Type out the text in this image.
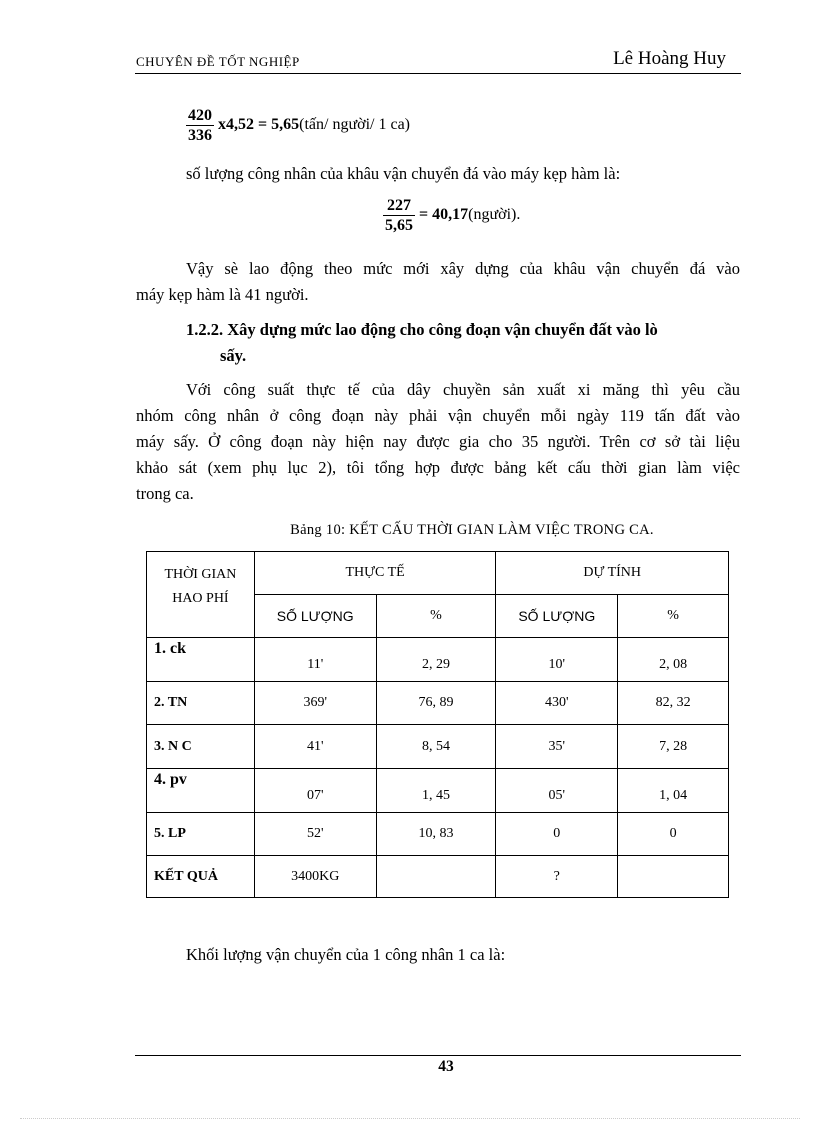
CHUYÊN ĐỀ TỐT NGHIỆP	Lê Hoàng Huy
$\frac{420}{336} x4,52$ = 5,65(tấn/ người/ 1 ca)
số lượng công nhân của khâu vận chuyển đá vào máy kẹp hàm là:
$\frac{227}{5,65}$ = 40,17(người).
Vậy sè lao động theo mức mới xây dựng của khâu vận chuyển đá vào
máy kẹp hàm là 41 người.
1.2.2. Xây dựng mức lao động cho công đoạn vận chuyển đất vào lò
sấy.
Với công suất thực tế của dây chuyền sản xuất xi măng thì yêu cầu
nhóm công nhân ở công đoạn này phải vận chuyển mỗi ngày 119 tấn đất vào
máy sấy. Ở công đoạn này hiện nay được gia cho 35 người. Trên cơ sở tài liệu
khảo sát (xem phụ lục 2), tôi tổng hợp được bảng kết cấu thời gian làm việc
trong ca.
Bảng 10: KẾT CẤU THỜI GIAN LÀM VIỆC TRONG CA.
THỜI GIAN
HAO PHÍ	THỰC TẾ		DỰ TÍNH	
	SỐ LƯỢNG	%	SỐ LƯỢNG	%
1. ck	11'	2, 29	10'	2, 08
2. TN	369'	76, 89	430'	82, 32
3. N C	41'	8, 54	35'	7, 28
4. pv	07'	1, 45	05'	1, 04
5. LP	52'	10, 83	0	0
KẾT QUẢ	3400KG		?	
Khối lượng vận chuyển của 1 công nhân 1 ca là:
43
